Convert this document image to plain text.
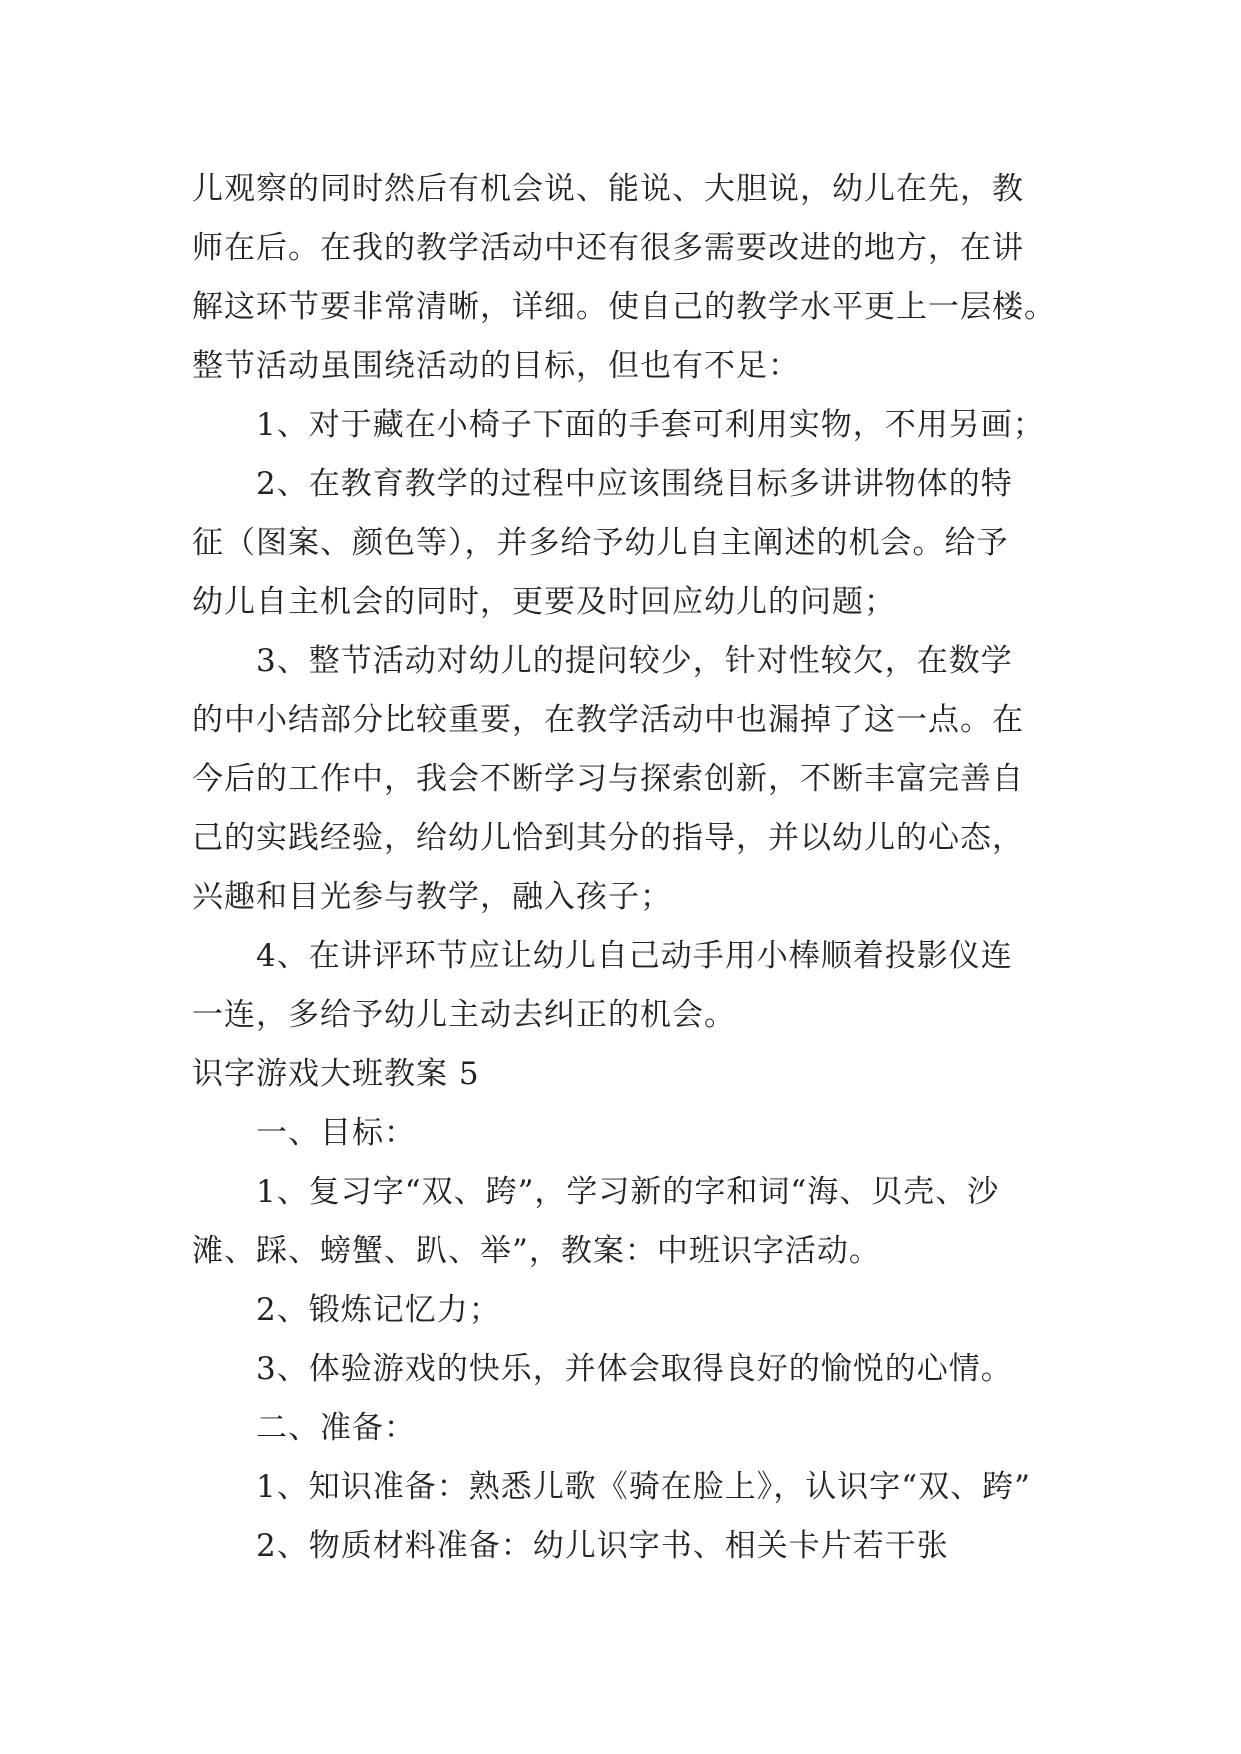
儿观察的同时然后有机会说、能说、大胆说，幼儿在先，教
师在后。在我的教学活动中还有很多需要改进的地方，在讲
解这环节要非常清晰，详细。使自己的教学水平更上一层楼。
整节活动虽围绕活动的目标，但也有不足：
1、对于藏在小椅子下面的手套可利用实物，不用另画；
2、在教育教学的过程中应该围绕目标多讲讲物体的特
征（图案、颜色等），并多给予幼儿自主阐述的机会。给予
幼儿自主机会的同时，更要及时回应幼儿的问题；
3、整节活动对幼儿的提问较少，针对性较欠，在数学
的中小结部分比较重要，在教学活动中也漏掉了这一点。在
今后的工作中，我会不断学习与探索创新，不断丰富完善自
己的实践经验，给幼儿恰到其分的指导，并以幼儿的心态，
兴趣和目光参与教学，融入孩子；
4、在讲评环节应让幼儿自己动手用小棒顺着投影仪连
一连，多给予幼儿主动去纠正的机会。
识字游戏大班教案 5
一、目标：
1、复习字“双、跨”，学习新的字和词“海、贝壳、沙
滩、踩、螃蟹、趴、举”，教案：中班识字活动。
2、锻炼记忆力；
3、体验游戏的快乐，并体会取得良好的愉悦的心情。
二、准备：
1、知识准备：熟悉儿歌《骑在脸上》，认识字“双、跨”
2、物质材料准备：幼儿识字书、相关卡片若干张
